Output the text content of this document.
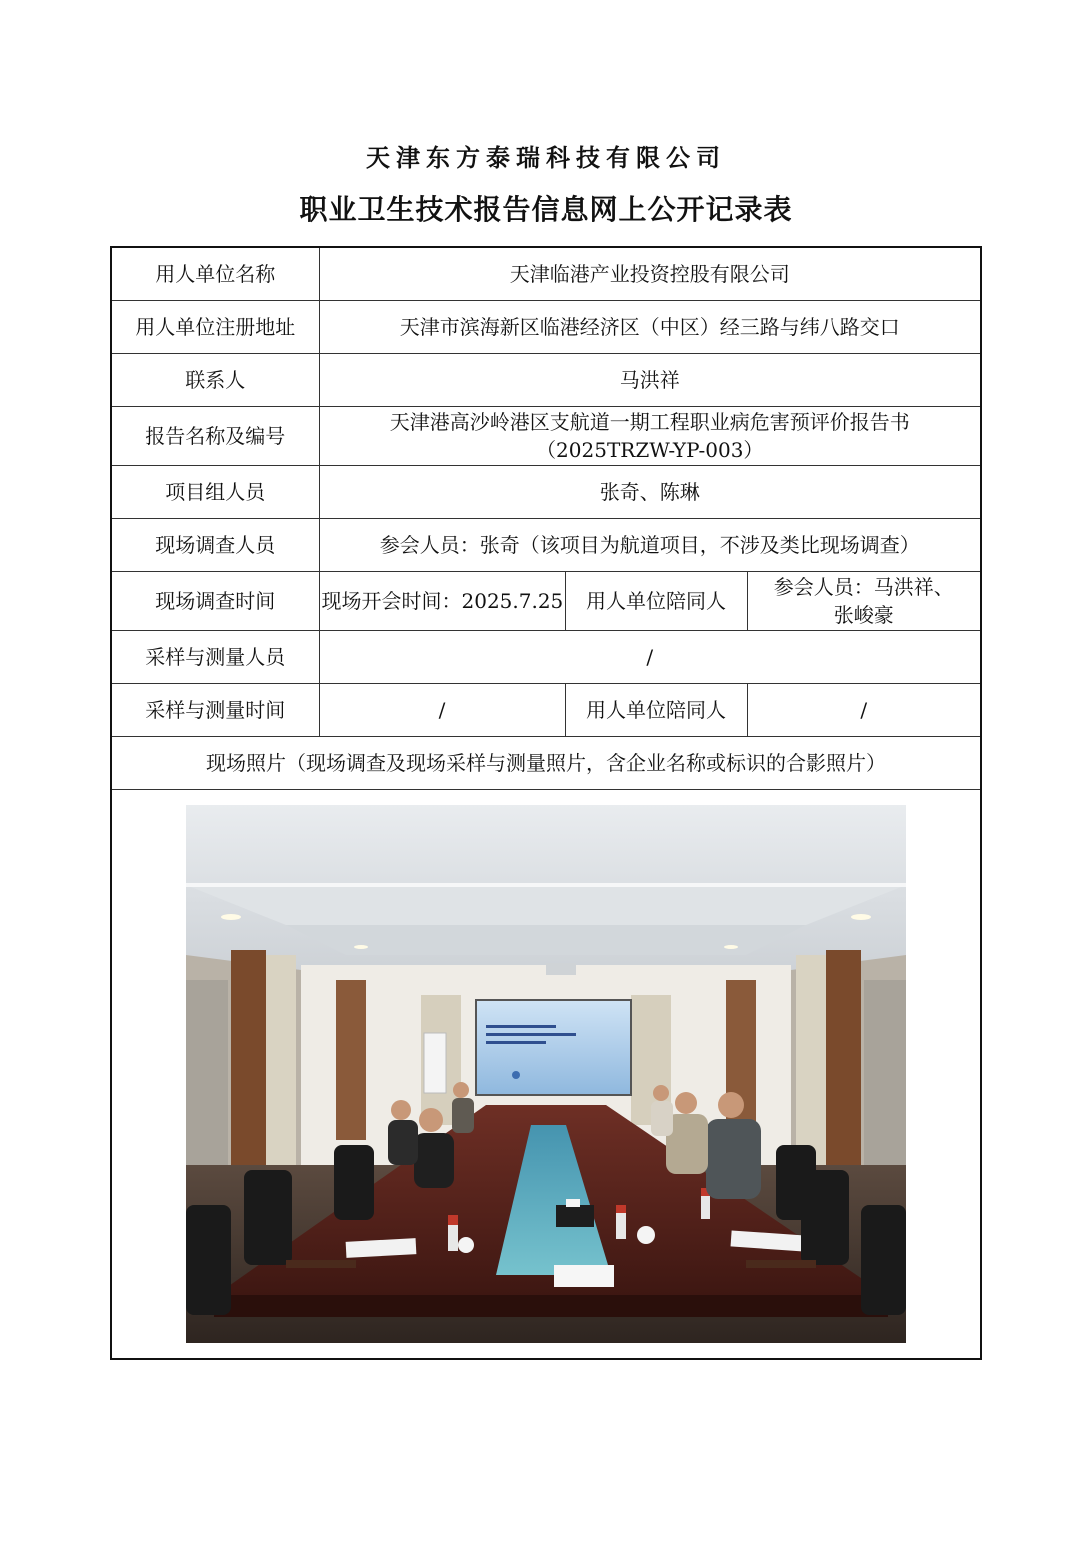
天津东方泰瑞科技有限公司
职业卫生技术报告信息网上公开记录表
用人单位名称	天津临港产业投资控股有限公司		
用人单位注册地址	天津市滨海新区临港经济区（中区）经三路与纬八路交口		
联系人	马洪祥		
报告名称及编号	天津港高沙岭港区支航道一期工程职业病危害预评价报告书
（2025TRZW-YP-003）		

项目组人员	张奇、陈琳		
现场调查人员	参会人员：张奇（该项目为航道项目，不涉及类比现场调查）		
现场调查时间	现场开会时间：2025.7.25	用人单位陪同人	参会人员：马洪祥、
张峻豪

采样与测量人员	/		
采样与测量时间	/	用人单位陪同人	/
现场照片（现场调查及现场采样与测量照片，含企业名称或标识的合影照片）			
